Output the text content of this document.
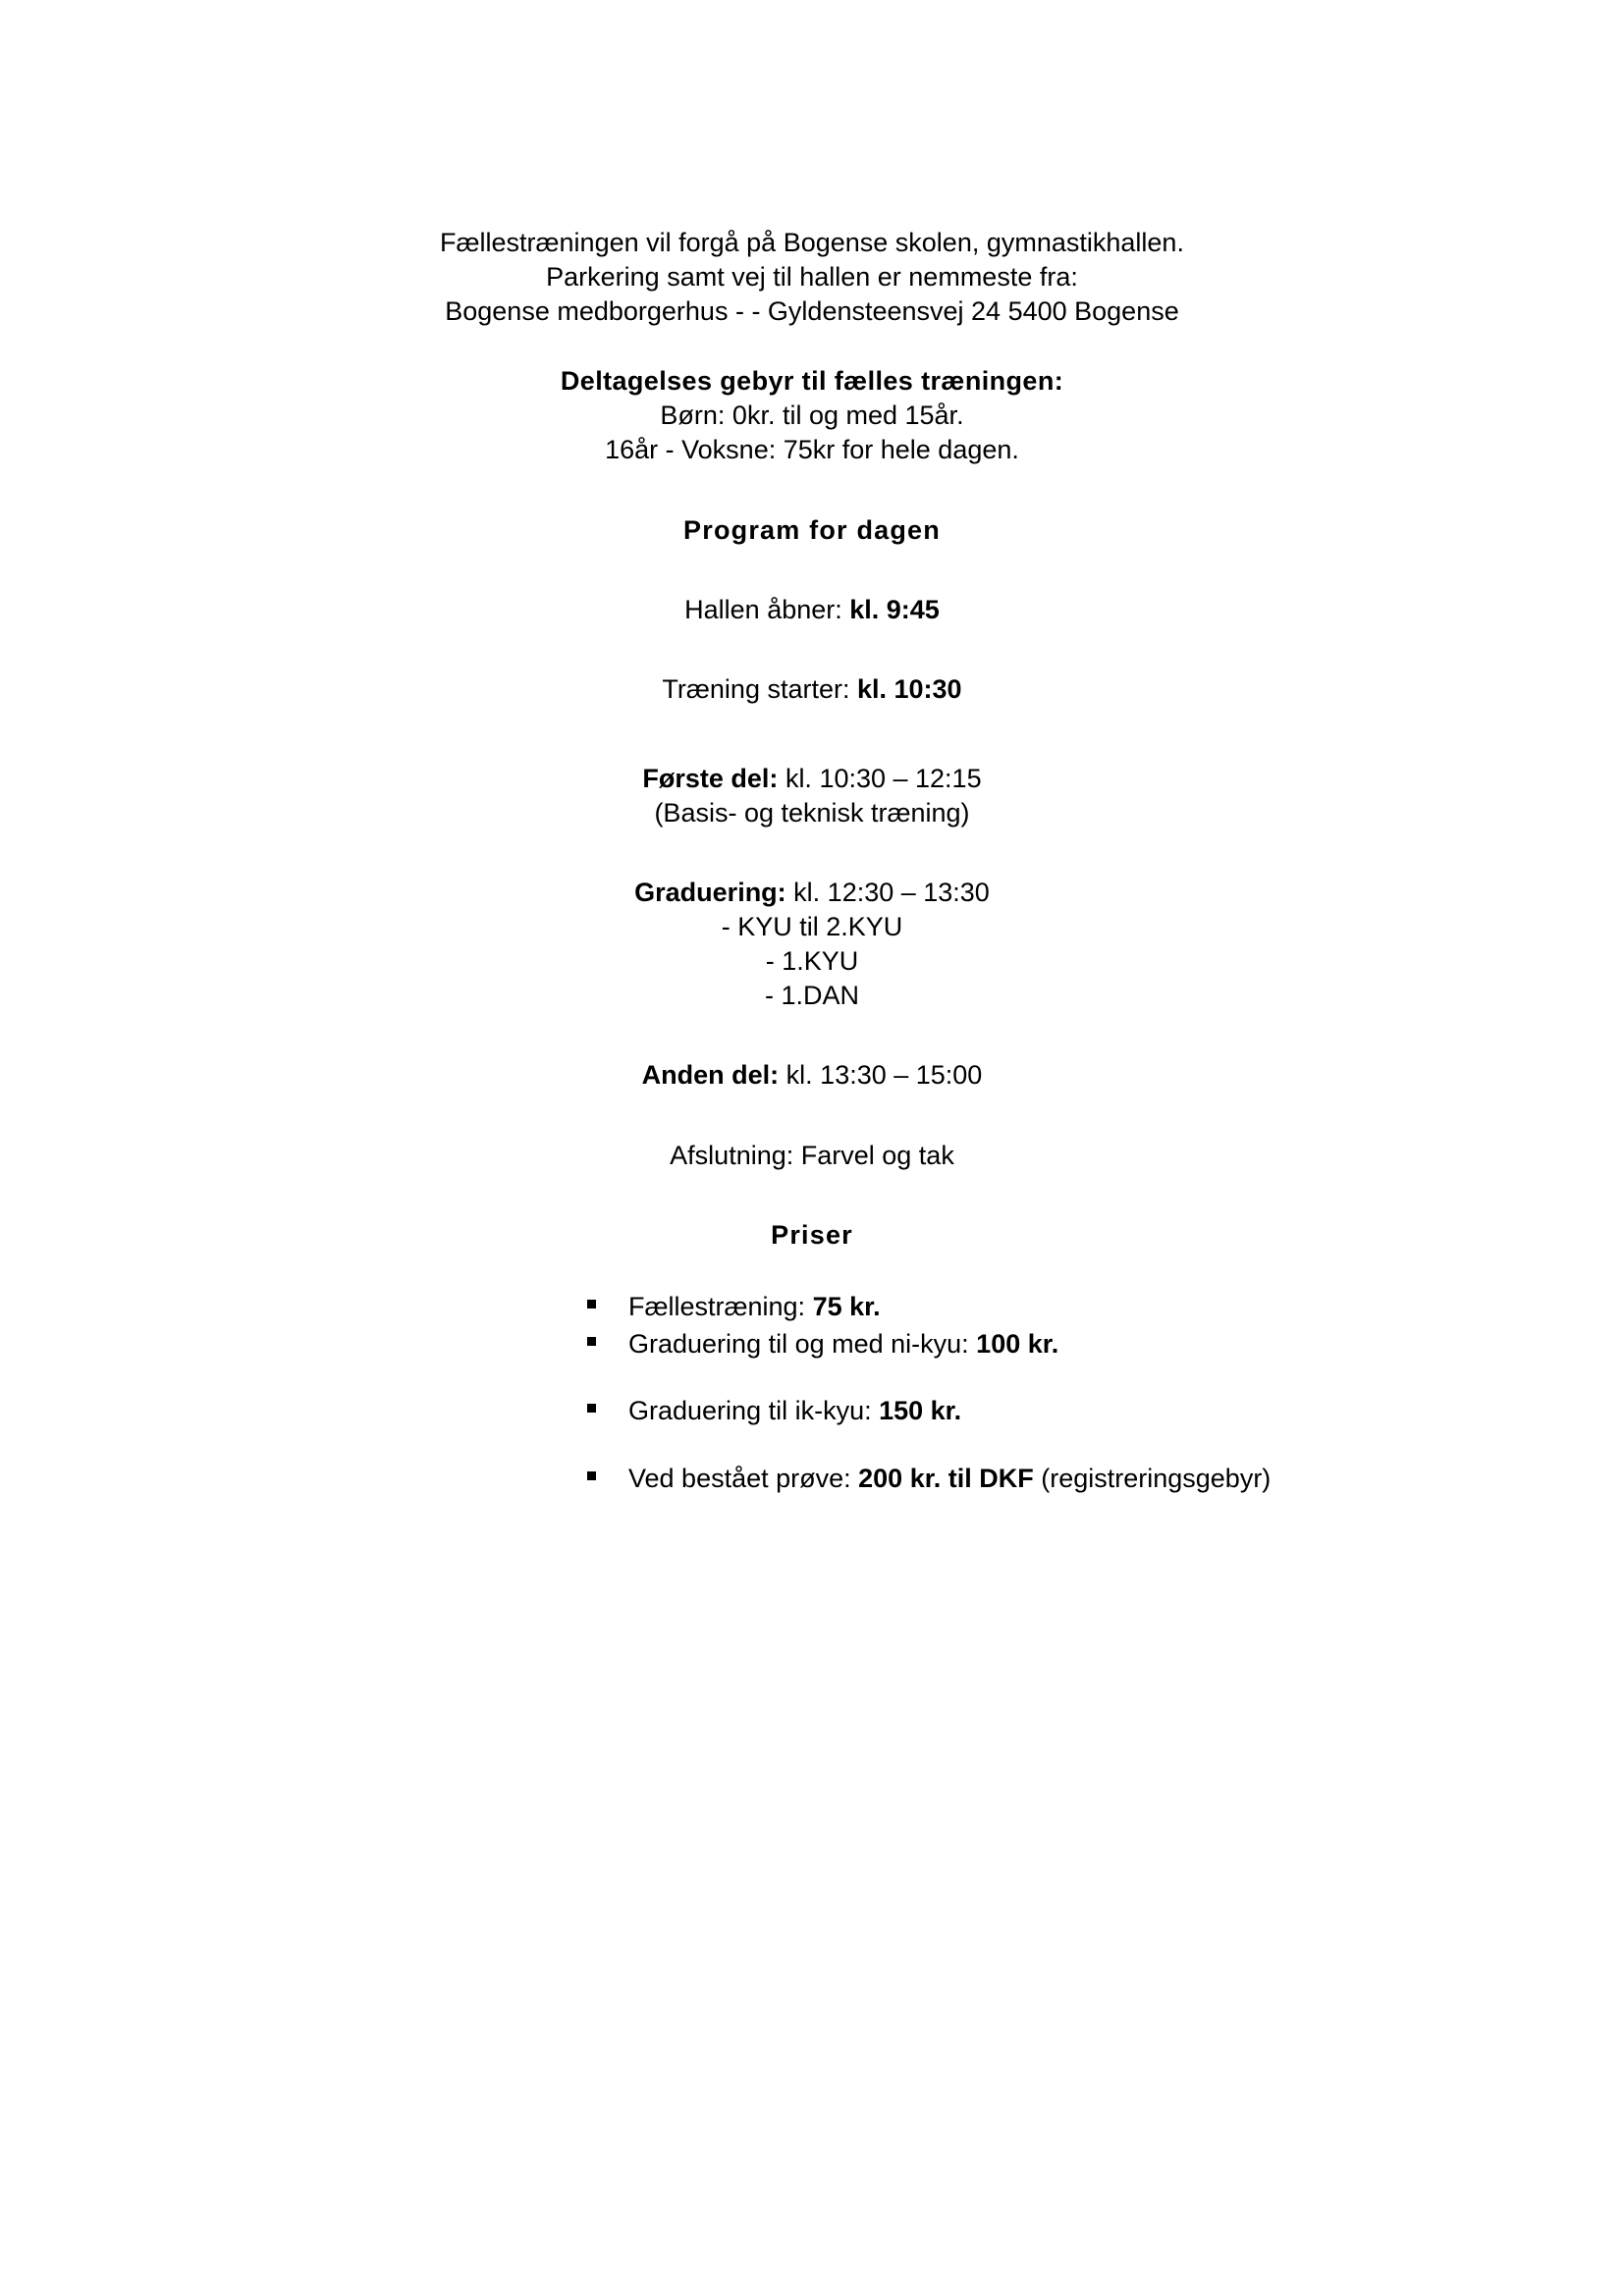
Fællestræningen vil forgå på Bogense skolen, gymnastikhallen.

Parkering samt vej til hallen er nemmeste fra:

Bogense medborgerhus - - Gyldensteensvej 24 5400 Bogense

Deltagelses gebyr til fælles træningen:

Børn: 0kr. til og med 15år.

16år - Voksne: 75kr for hele dagen.

Program for dagen

Hallen åbner: kl. 9:45

Træning starter: kl. 10:30

Første del: kl. 10:30 – 12:15

(Basis- og teknisk træning)

Graduering: kl. 12:30 – 13:30

- KYU til 2.KYU

- 1.KYU

- 1.DAN

Anden del: kl. 13:30 – 15:00

Afslutning: Farvel og tak

Priser

Fællestræning: 75 kr.
Graduering til og med ni-kyu: 100 kr.
Graduering til ik-kyu: 150 kr.
Ved bestået prøve: 200 kr. til DKF (registreringsgebyr)
